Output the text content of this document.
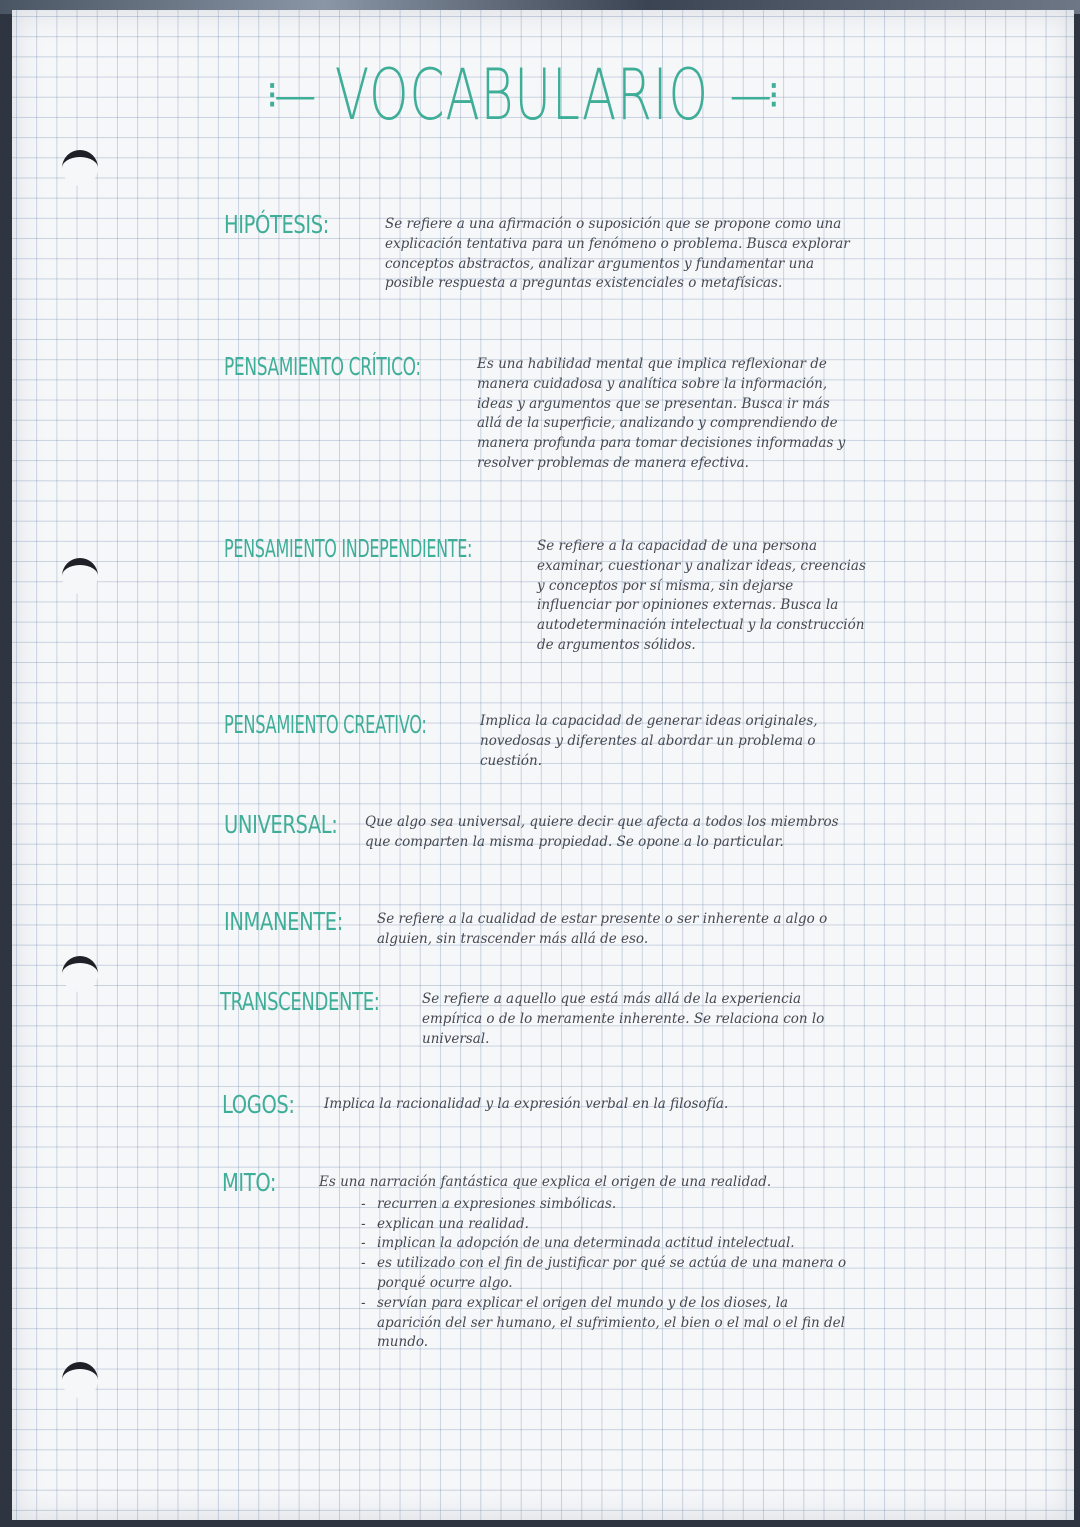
⁝— VOCABULARIO —⁝
HIPÓTESIS:	Se refiere a una afirmación o suposición que se propone como una explicación tentativa para un fenómeno o problema. Busca explorar conceptos abstractos, analizar argumentos y fundamentar una posible respuesta a preguntas existenciales o metafísicas.
PENSAMIENTO CRÍTICO:	Es una habilidad mental que implica reflexionar de manera cuidadosa y analítica sobre la información, ideas y argumentos que se presentan. Busca ir más allá de la superficie, analizando y comprendiendo de manera profunda para tomar decisiones informadas y resolver problemas de manera efectiva.
PENSAMIENTO INDEPENDIENTE:	Se refiere a la capacidad de una persona examinar, cuestionar y analizar ideas, creencias y conceptos por sí misma, sin dejarse influenciar por opiniones externas. Busca la autodeterminación intelectual y la construcción de argumentos sólidos.
PENSAMIENTO CREATIVO:	Implica la capacidad de generar ideas originales, novedosas y diferentes al abordar un problema o cuestión.
UNIVERSAL: Que algo sea universal, quiere decir que afecta a todos los miembros que comparten la misma propiedad. Se opone a lo particular.
INMANENTE:	Se refiere a la cualidad de estar presente o ser inherente a algo o alguien, sin trascender más allá de eso.
TRANSCENDENTE:	Se refiere a aquello que está más allá de la experiencia empírica o de lo meramente inherente. Se relaciona con lo universal.
LOGOS: Implica la racionalidad y la expresión verbal en la filosofía.
MITO:	Es una narración fantástica que explica el origen de una realidad.
- recurren a expresiones simbólicas.
- explican una realidad.
- implican la adopción de una determinada actitud intelectual.
- es utilizado con el fin de justificar por qué se actúa de una manera o porqué ocurre algo.
- servían para explicar el origen del mundo y de los dioses, la aparición del ser humano, el sufrimiento, el bien o el mal o el fin del mundo.
